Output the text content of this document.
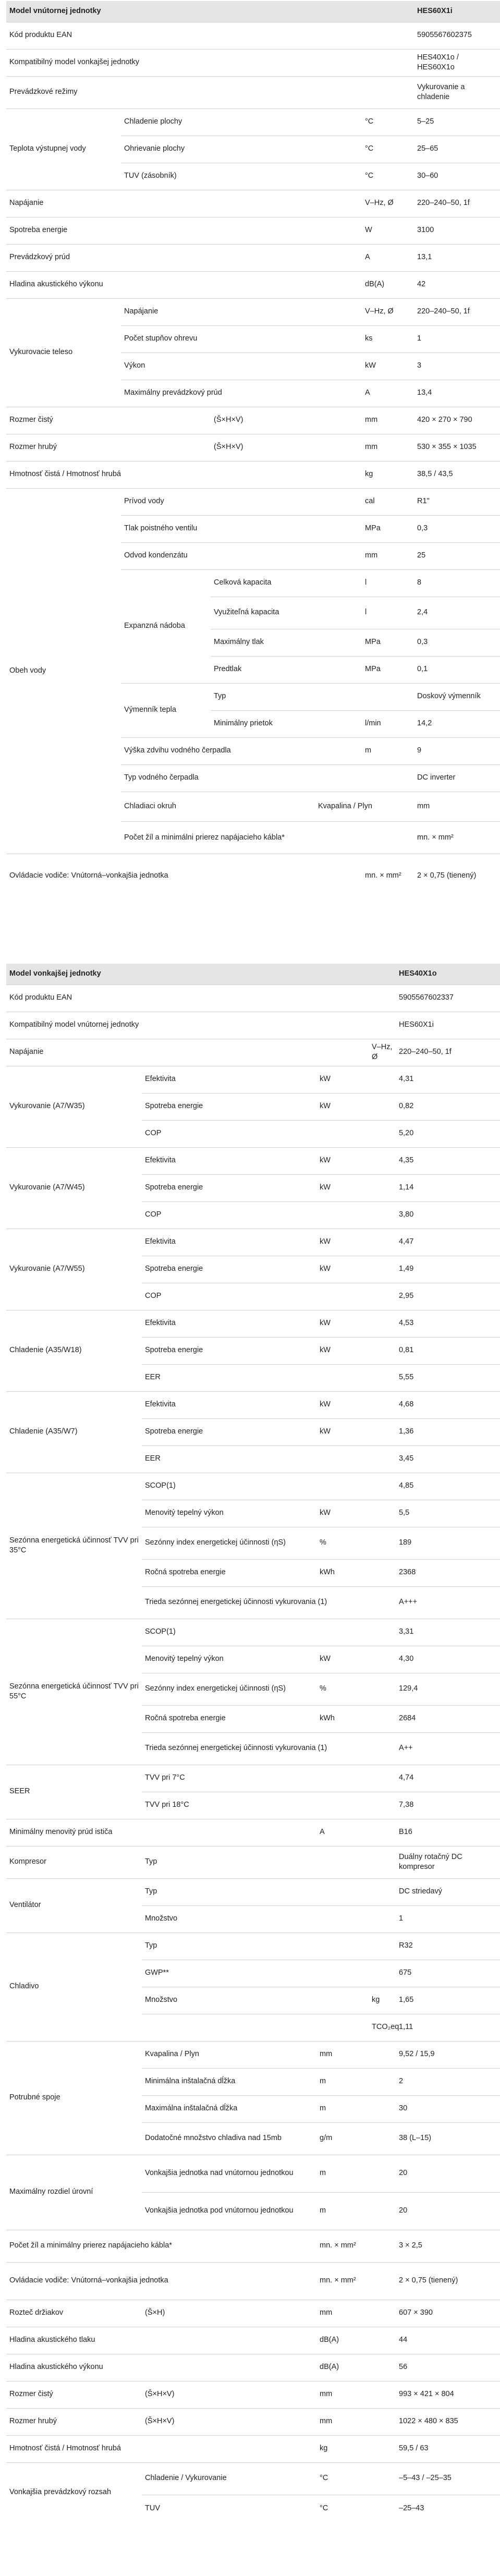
Model vnútornej jednotky					HES60X1i	
Kód produktu EAN					5905567602375	
Kompatibilný model vonkajšej jednotky					HES40X1o / HES60X1o	
Prevádzkové režimy					Vykurovanie a chladenie	
Teplota výstupnej vody	Chladenie plochy			°C	5–25	
	Ohrievanie plochy			°C	25–65	
	TUV (zásobník)			°C	30–60	
Napájanie				V–Hz, Ø	220–240–50, 1f	
Spotreba energie				W	3100	
Prevádzkový prúd				A	13,1	
Hladina akustického výkonu				dB(A)	42	
Vykurovacie teleso	Napájanie			V–Hz, Ø	220–240–50, 1f	
	Počet stupňov ohrevu			ks	1	
	Výkon			kW	3	
	Maximálny prevádzkový prúd			A	13,4	
Rozmer čistý		(Š×H×V)		mm	420 × 270 × 790	
Rozmer hrubý		(Š×H×V)		mm	530 × 355 × 1035	
Hmotnosť čistá / Hmotnosť hrubá				kg	38,5 / 43,5	
Obeh vody	Prívod vody			cal	R1"	
	Tlak poistného ventilu			MPa	0,3	
	Odvod kondenzátu			mm	25	
	Expanzná nádoba	Celková kapacita		l	8	
		Využiteľná kapacita		l	2,4	
		Maximálny tlak		MPa	0,3	
		Predtlak		MPa	0,1	
	Výmenník tepla	Typ			Doskový výmenník	
		Minimálny prietok		l/min	14,2	
	Výška zdvihu vodného čerpadla			m	9	
	Typ vodného čerpadla				DC inverter	
	Chladiaci okruh		Kvapalina / Plyn		mm	
	Počet žíl a minimálni prierez napájacieho kábla*				mn. × mm²	
Ovládacie vodiče: Vnútorná–vonkajšia jednotka				mn. × mm²	2 × 0,75 (tienený)	
Model vonkajšej jednotky				HES40X1o
Kód produktu EAN				5905567602337
Kompatibilný model vnútornej jednotky				HES60X1i
Napájanie			V–Hz, Ø	220–240–50, 1f
Vykurovanie (A7/W35)	Efektivita	kW		4,31
	Spotreba energie	kW		0,82
	COP			5,20
Vykurovanie (A7/W45)	Efektivita	kW		4,35
	Spotreba energie	kW		1,14
	COP			3,80
Vykurovanie (A7/W55)	Efektivita	kW		4,47
	Spotreba energie	kW		1,49
	COP			2,95
Chladenie (A35/W18)	Efektivita	kW		4,53
	Spotreba energie	kW		0,81
	EER			5,55
Chladenie (A35/W7)	Efektivita	kW		4,68
	Spotreba energie	kW		1,36
	EER			3,45
Sezónna energetická účinnosť TVV pri 35°C	SCOP(1)			4,85
	Menovitý tepelný výkon	kW		5,5
	Sezónny index energetickej účinnosti (ηS)	%		189
	Ročná spotreba energie	kWh		2368
	Trieda sezónnej energetickej účinnosti vykurovania (1)			A+++
Sezónna energetická účinnosť TVV pri 55°C	SCOP(1)			3,31
	Menovitý tepelný výkon	kW		4,30
	Sezónny index energetickej účinnosti (ηS)	%		129,4
	Ročná spotreba energie	kWh		2684
	Trieda sezónnej energetickej účinnosti vykurovania (1)			A++
SEER	TVV pri 7°C			4,74
	TVV pri 18°C			7,38
Minimálny menovitý prúd ističa		A		B16
Kompresor	Typ			Duálny rotačný DC kompresor
Ventilátor	Typ			DC striedavý
	Množstvo			1
Chladivo	Typ			R32
	GWP**			675
	Množstvo		kg	1,65
			TCO₂eq	1,11
Potrubné spoje	Kvapalina / Plyn	mm		9,52 / 15,9
	Minimálna inštalačná dĺžka	m		2
	Maximálna inštalačná dĺžka	m		30
	Dodatočné množstvo chladiva nad 15mb	g/m		38 (L–15)
Maximálny rozdiel úrovní	Vonkajšia jednotka nad vnútornou jednotkou	m		20
	Vonkajšia jednotka pod vnútornou jednotkou	m		20
Počet žíl a minimálny prierez napájacieho kábla*		mn. × mm²		3 × 2,5
Ovládacie vodiče: Vnútorná–vonkajšia jednotka		mn. × mm²		2 × 0,75 (tienený)
Rozteč držiakov	(Š×H)	mm		607 × 390
Hladina akustického tlaku		dB(A)		44
Hladina akustického výkonu		dB(A)		56
Rozmer čistý	(Š×H×V)	mm		993 × 421 × 804
Rozmer hrubý	(Š×H×V)	mm		1022 × 480 × 835
Hmotnosť čistá / Hmotnosť hrubá		kg		59,5 / 63
Vonkajšia prevádzkový rozsah	Chladenie / Vykurovanie	°C		–5–43 / –25–35
	TUV	°C		–25–43
